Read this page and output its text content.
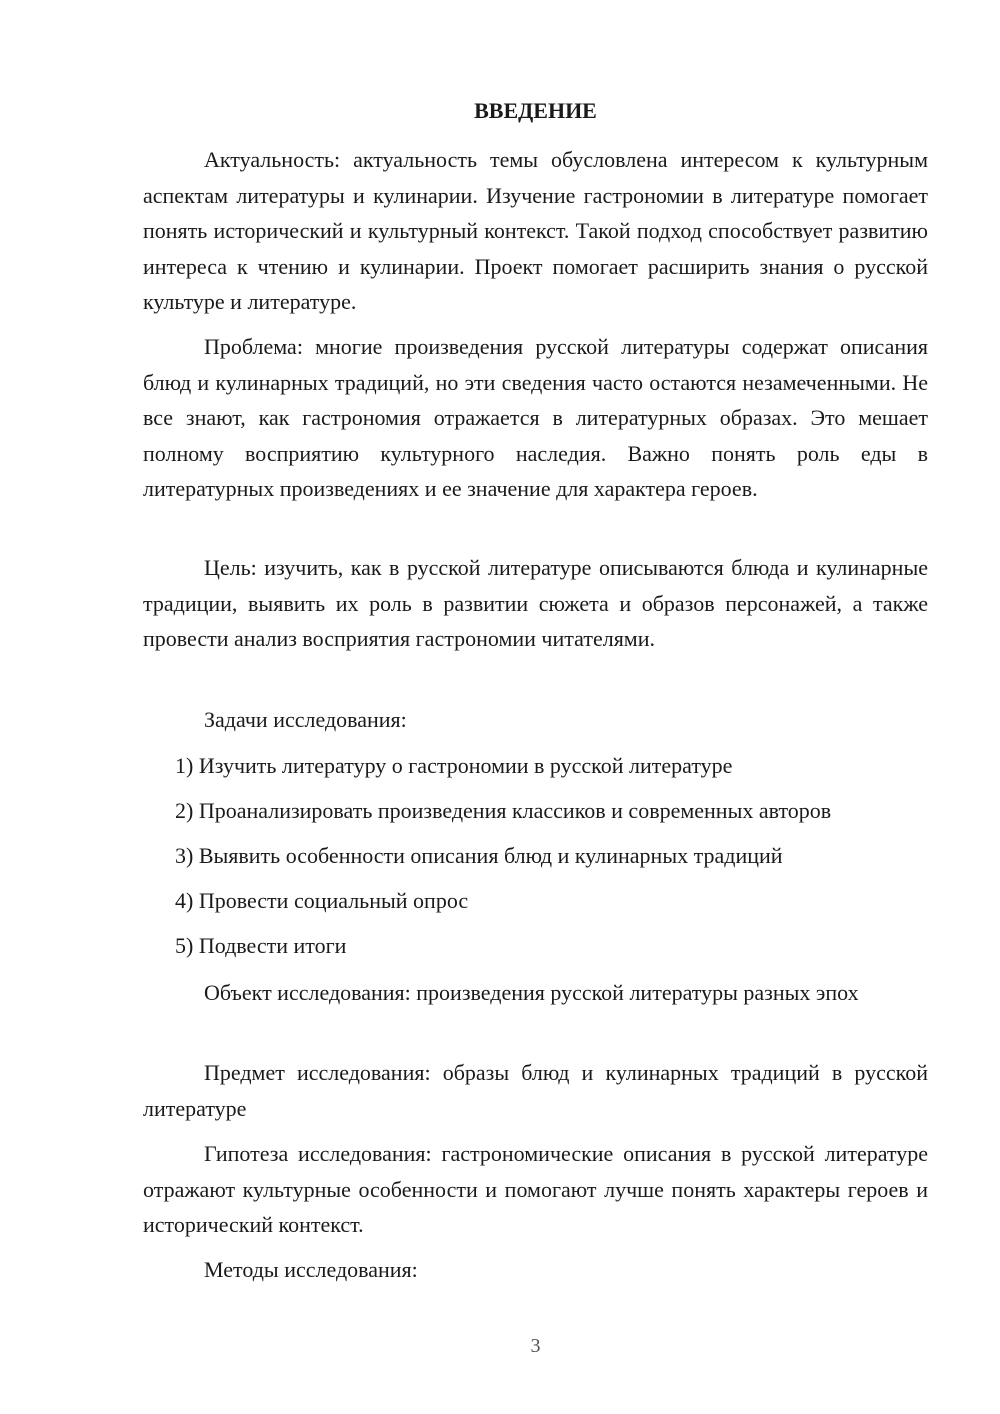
ВВЕДЕНИЕ

Актуальность: актуальность темы обусловлена интересом к культурным аспектам литературы и кулинарии. Изучение гастрономии в литературе помогает понять исторический и культурный контекст. Такой подход способствует развитию интереса к чтению и кулинарии. Проект помогает расширить знания о русской культуре и литературе.

Проблема: многие произведения русской литературы содержат описания блюд и кулинарных традиций, но эти сведения часто остаются незамеченными. Не все знают, как гастрономия отражается в литературных образах. Это мешает полному восприятию культурного наследия. Важно понять роль еды в литературных произведениях и ее значение для характера героев.

Цель: изучить, как в русской литературе описываются блюда и кулинарные традиции, выявить их роль в развитии сюжета и образов персонажей, а также провести анализ восприятия гастрономии читателями.

Задачи исследования:

1) Изучить литературу о гастрономии в русской литературе

2) Проанализировать произведения классиков и современных авторов

3) Выявить особенности описания блюд и кулинарных традиций

4) Провести социальный опрос

5) Подвести итоги

Объект исследования: произведения русской литературы разных эпох

Предмет исследования: образы блюд и кулинарных традиций в русской литературе

Гипотеза исследования: гастрономические описания в русской литературе отражают культурные особенности и помогают лучше понять характеры героев и исторический контекст.

Методы исследования:

3
